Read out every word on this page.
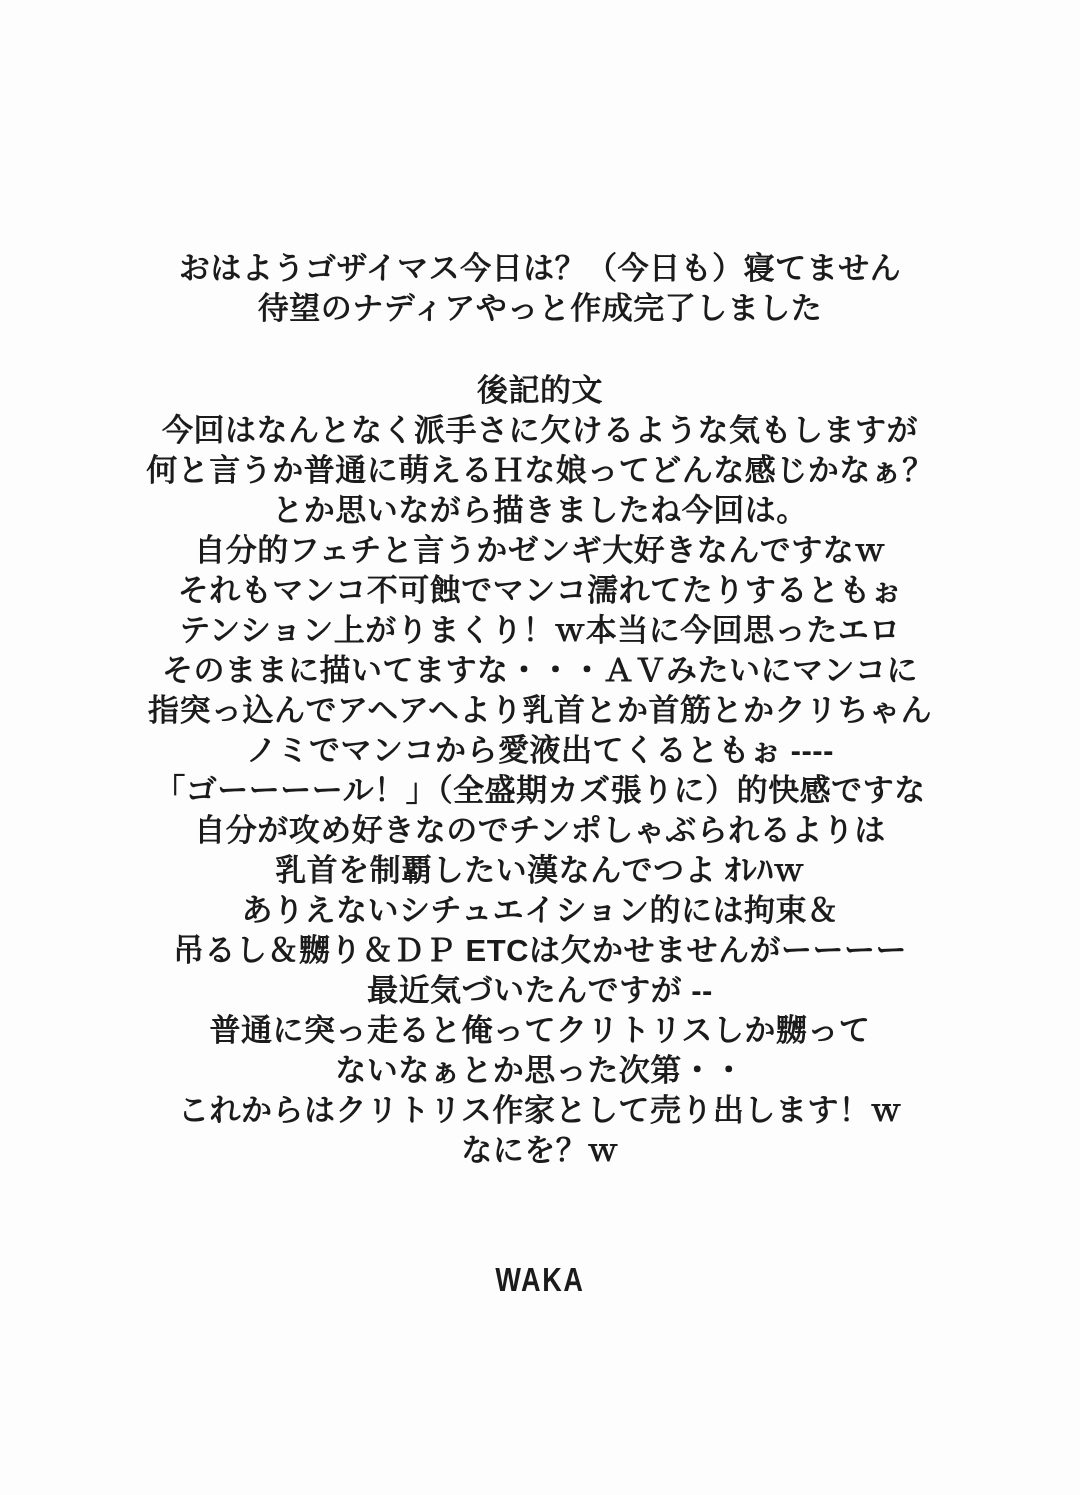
おはようゴザイマス今日は？（今日も）寝てません

待望のナディアやっと作成完了しました

後記的文

今回はなんとなく派手さに欠けるような気もしますが

何と言うか普通に萌えるＨな娘ってどんな感じかなぁ？

とか思いながら描きましたね今回は。

自分的フェチと言うかゼンギ大好きなんですなｗ

それもマンコ不可蝕でマンコ濡れてたりするともぉ

テンション上がりまくり！ｗ本当に今回思ったエロ

そのままに描いてますな・・・ＡＶみたいにマンコに

指突っ込んでアヘアヘより乳首とか首筋とかクリちゃん

ノミでマンコから愛液出てくるともぉ ----

「ゴーーーール！」（全盛期カズ張りに）的快感ですな

自分が攻め好きなのでチンポしゃぶられるよりは

乳首を制覇したい漢なんでつよ ｵﾚﾊｗ

ありえないシチュエイション的には拘束＆

吊るし＆嬲り＆ＤＰ ETCは欠かせませんがーーーー

最近気づいたんですが --

普通に突っ走ると俺ってクリトリスしか嬲って

ないなぁとか思った次第・・

これからはクリトリス作家として売り出します！ｗ

なにを？ｗ

WAKA
